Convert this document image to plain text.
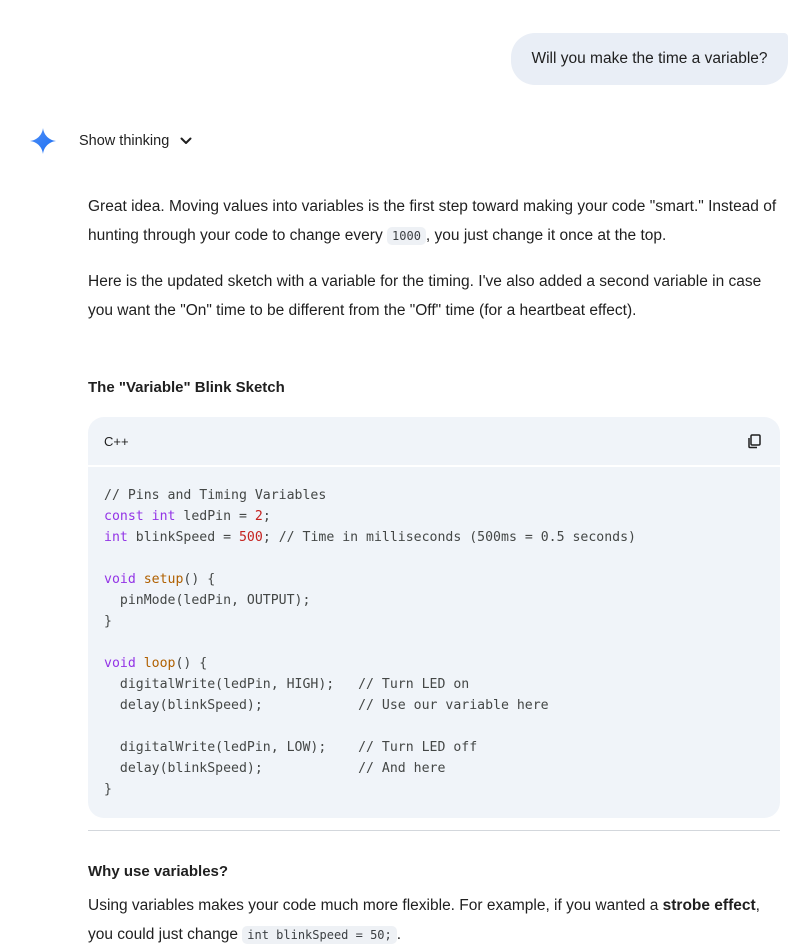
Will you make the time a variable?
Show thinking

Great idea. Moving values into variables is the first step toward making your code "smart." Instead of hunting through your code to change every 1000 , you just change it once at the top.

Here is the updated sketch with a variable for the timing. I've also added a second variable in case you want the "On" time to be different from the "Off" time (for a heartbeat effect).

The "Variable" Blink Sketch
C++
// Pins and Timing Variables
const int ledPin = 2;
int blinkSpeed = 500; // Time in milliseconds (500ms = 0.5 seconds)
void setup() {
pinMode(ledPin, OUTPUT);
}
void loop() {
digitalWrite(ledPin, HIGH);   // Turn LED on
delay(blinkSpeed);            // Use our variable here
digitalWrite(ledPin, LOW);    // Turn LED off
delay(blinkSpeed);            // And here
}
Why use variables?

Using variables makes your code much more flexible. For example, if you wanted a strobe effect, you could just change int blinkSpeed = 50; .
